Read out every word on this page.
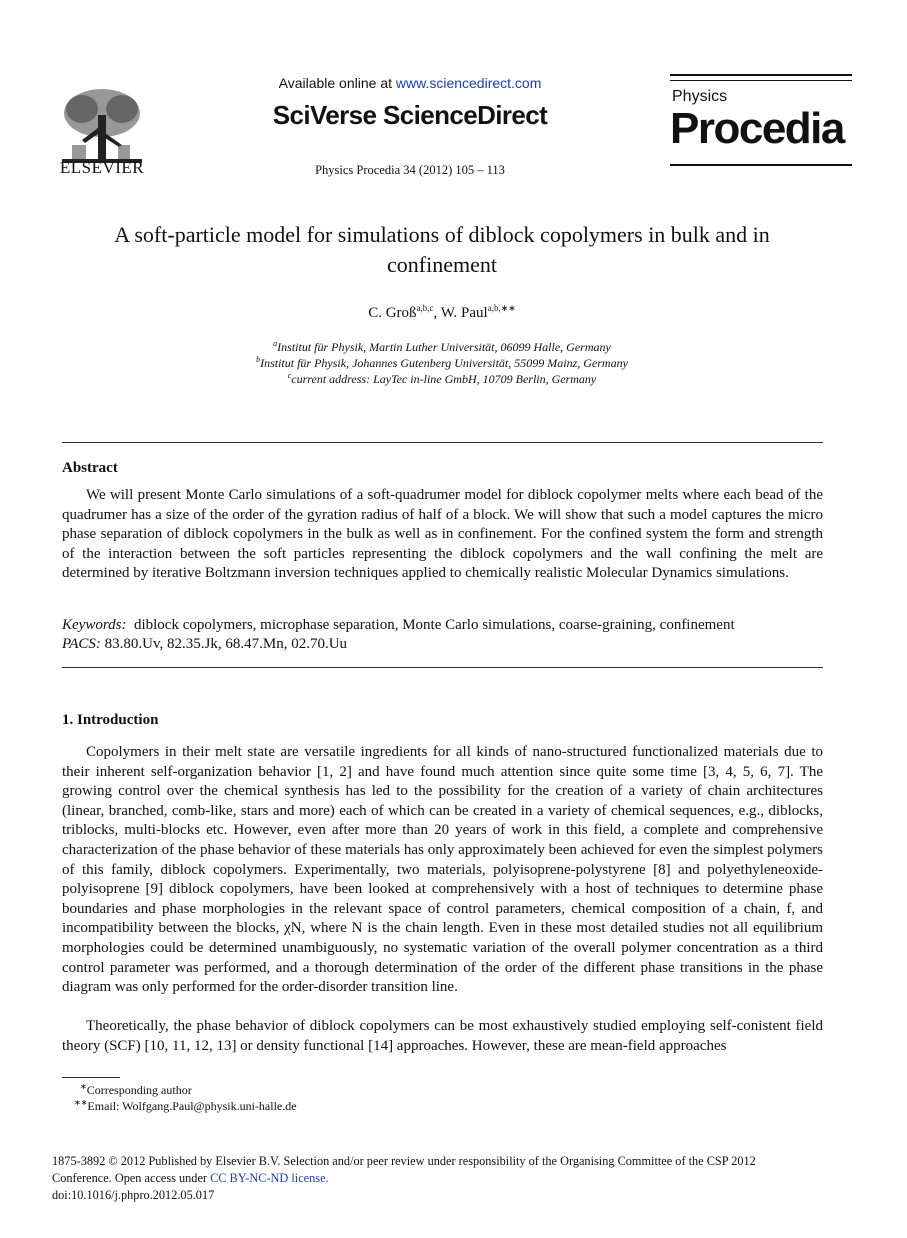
ELSEVIER
Available online at www.sciencedirect.com
SciVerse ScienceDirect
Physics Procedia 34 (2012) 105 – 113
Physics
Procedia
A soft-particle model for simulations of diblock copolymers in bulk and in confinement
C. Groß$^{a,b,c}$, W. Paul$^{a,b,∗∗}$
$^a$Institut für Physik, Martin Luther Universität, 06099 Halle, Germany
$^b$Institut für Physik, Johannes Gutenberg Universität, 55099 Mainz, Germany
$^c$current address: LayTec in-line GmbH, 10709 Berlin, Germany
Abstract
We will present Monte Carlo simulations of a soft-quadrumer model for diblock copolymer melts where each bead of the quadrumer has a size of the order of the gyration radius of half of a block. We will show that such a model captures the micro phase separation of diblock copolymers in the bulk as well as in confinement. For the confined system the form and strength of the interaction between the soft particles representing the diblock copolymers and the wall confining the melt are determined by iterative Boltzmann inversion techniques applied to chemically realistic Molecular Dynamics simulations.
Keywords: diblock copolymers, microphase separation, Monte Carlo simulations, coarse-graining, confinement
PACS: 83.80.Uv, 82.35.Jk, 68.47.Mn, 02.70.Uu
1. Introduction
Copolymers in their melt state are versatile ingredients for all kinds of nano-structured functionalized materials due to their inherent self-organization behavior [1, 2] and have found much attention since quite some time [3, 4, 5, 6, 7]. The growing control over the chemical synthesis has led to the possibility for the creation of a variety of chain architectures (linear, branched, comb-like, stars and more) each of which can be created in a variety of chemical sequences, e.g., diblocks, triblocks, multi-blocks etc. However, even after more than 20 years of work in this field, a complete and comprehensive characterization of the phase behavior of these materials has only approximately been achieved for even the simplest polymers of this family, diblock copolymers. Experimentally, two materials, polyisoprene-polystyrene [8] and polyethyleneoxide-polyisoprene [9] diblock copolymers, have been looked at comprehensively with a host of techniques to determine phase boundaries and phase morphologies in the relevant space of control parameters, chemical composition of a chain, f, and incompatibility between the blocks, χN, where N is the chain length. Even in these most detailed studies not all equilibrium morphologies could be determined unambiguously, no systematic variation of the overall polymer concentration as a third control parameter was performed, and a thorough determination of the order of the different phase transitions in the phase diagram was only performed for the order-disorder transition line.
Theoretically, the phase behavior of diblock copolymers can be most exhaustively studied employing self-conistent field theory (SCF) [10, 11, 12, 13] or density functional [14] approaches. However, these are mean-field approaches
∗Corresponding author
∗∗Email: Wolfgang.Paul@physik.uni-halle.de
1875-3892 © 2012 Published by Elsevier B.V. Selection and/or peer review under responsibility of the Organising Committee of the CSP 2012
Conference. Open access under CC BY-NC-ND license.
doi:10.1016/j.phpro.2012.05.017
